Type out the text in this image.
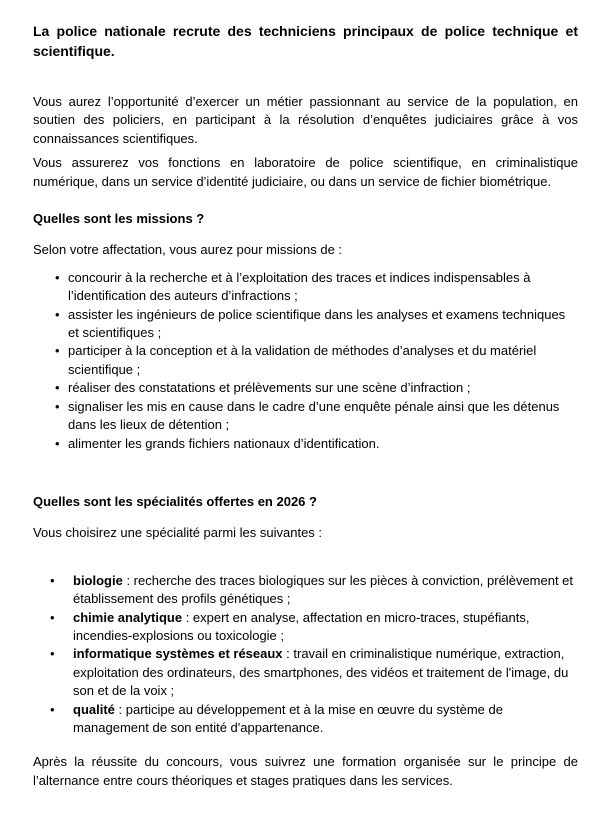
La police nationale recrute des techniciens principaux de police technique et scientifique.

Vous aurez l’opportunité d’exercer un métier passionnant au service de la population, en soutien des policiers, en participant à la résolution d’enquêtes judiciaires grâce à vos connaissances scientifiques.

Vous assurerez vos fonctions en laboratoire de police scientifique, en criminalistique numérique, dans un service d’identité judiciaire, ou dans un service de fichier biométrique.

Quelles sont les missions ?

Selon votre affectation, vous aurez pour missions de :

• concourir à la recherche et à l’exploitation des traces et indices indispensables à l’identification des auteurs d’infractions ;
• assister les ingénieurs de police scientifique dans les analyses et examens techniques et scientifiques ;
• participer à la conception et à la validation de méthodes d’analyses et du matériel scientifique ;
• réaliser des constatations et prélèvements sur une scène d’infraction ;
• signaliser les mis en cause dans le cadre d’une enquête pénale ainsi que les détenus dans les lieux de détention ;
• alimenter les grands fichiers nationaux d’identification.
Quelles sont les spécialités offertes en 2026 ?

Vous choisirez une spécialité parmi les suivantes :

• biologie : recherche des traces biologiques sur les pièces à conviction, prélèvement et établissement des profils génétiques ;
• chimie analytique : expert en analyse, affectation en micro-traces, stupéfiants, incendies-explosions ou toxicologie ;
• informatique systèmes et réseaux : travail en criminalistique numérique, extraction, exploitation des ordinateurs, des smartphones, des vidéos et traitement de l'image, du son et de la voix ;
• qualité : participe au développement et à la mise en œuvre du système de management de son entité d'appartenance.

Après la réussite du concours, vous suivrez une formation organisée sur le principe de l’alternance entre cours théoriques et stages pratiques dans les services.
